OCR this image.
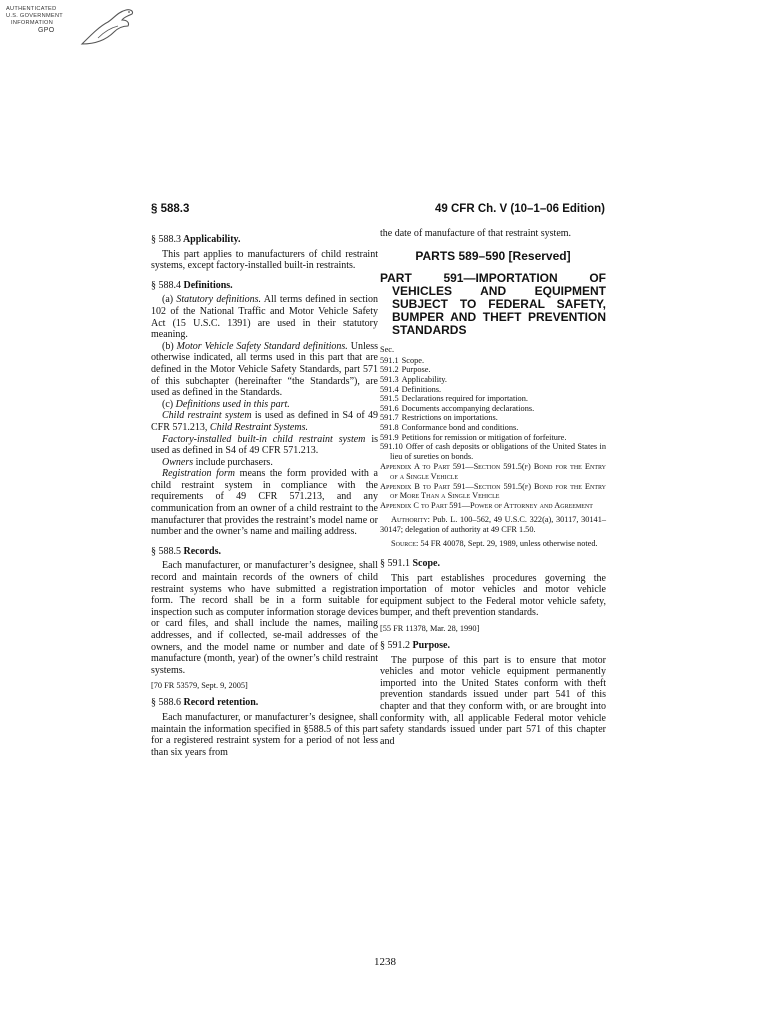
AUTHENTICATED
U.S. GOVERNMENT
INFORMATION
GPO
§ 588.3	49 CFR Ch. V (10–1–06 Edition)
§ 588.3 Applicability.

This part applies to manufacturers of child restraint systems, except factory-installed built-in restraints.

§ 588.4 Definitions.

(a) Statutory definitions. All terms defined in section 102 of the National Traffic and Motor Vehicle Safety Act (15 U.S.C. 1391) are used in their statutory meaning.

(b) Motor Vehicle Safety Standard definitions. Unless otherwise indicated, all terms used in this part that are defined in the Motor Vehicle Safety Standards, part 571 of this subchapter (hereinafter “the Standards”), are used as defined in the Standards.

(c) Definitions used in this part.

Child restraint system is used as defined in S4 of 49 CFR 571.213, Child Restraint Systems.

Factory-installed built-in child restraint system is used as defined in S4 of 49 CFR 571.213.

Owners include purchasers.

Registration form means the form provided with a child restraint system in compliance with the requirements of 49 CFR 571.213, and any communication from an owner of a child restraint to the manufacturer that provides the restraint’s model name or number and the owner’s name and mailing address.

§ 588.5 Records.

Each manufacturer, or manufacturer’s designee, shall record and maintain records of the owners of child restraint systems who have submitted a registration form. The record shall be in a form suitable for inspection such as computer information storage devices or card files, and shall include the names, mailing addresses, and if collected, se-mail addresses of the owners, and the model name or number and date of manufacture (month, year) of the owner’s child restraint systems.

[70 FR 53579, Sept. 9, 2005]

§ 588.6 Record retention.

Each manufacturer, or manufacturer’s designee, shall maintain the information specified in §588.5 of this part for a registered restraint system for a period of not less than six years from

the date of manufacture of that restraint system.

PARTS 589–590 [Reserved]
PART 591—IMPORTATION OF VEHICLES AND EQUIPMENT SUBJECT TO FEDERAL SAFETY, BUMPER AND THEFT PREVENTION STANDARDS
Sec.

591.1 Scope.

591.2 Purpose.

591.3 Applicability.

591.4 Definitions.

591.5 Declarations required for importation.

591.6 Documents accompanying declarations.

591.7 Restrictions on importations.

591.8 Conformance bond and conditions.

591.9 Petitions for remission or mitigation of forfeiture.

591.10 Offer of cash deposits or obligations of the United States in lieu of sureties on bonds.

Appendix A to Part 591—Section 591.5(f) Bond for the Entry of a Single Vehicle

Appendix B to Part 591—Section 591.5(f) Bond for the Entry of More Than a Single Vehicle

Appendix C to Part 591—Power of Attorney and Agreement

Authority: Pub. L. 100–562, 49 U.S.C. 322(a), 30117, 30141–30147; delegation of authority at 49 CFR 1.50.

Source: 54 FR 40078, Sept. 29, 1989, unless otherwise noted.

§ 591.1 Scope.

This part establishes procedures governing the importation of motor vehicles and motor vehicle equipment subject to the Federal motor vehicle safety, bumper, and theft prevention standards.

[55 FR 11378, Mar. 28, 1990]

§ 591.2 Purpose.

The purpose of this part is to ensure that motor vehicles and motor vehicle equipment permanently imported into the United States conform with theft prevention standards issued under part 541 of this chapter and that they conform with, or are brought into conformity with, all applicable Federal motor vehicle safety standards issued under part 571 of this chapter and

1238
